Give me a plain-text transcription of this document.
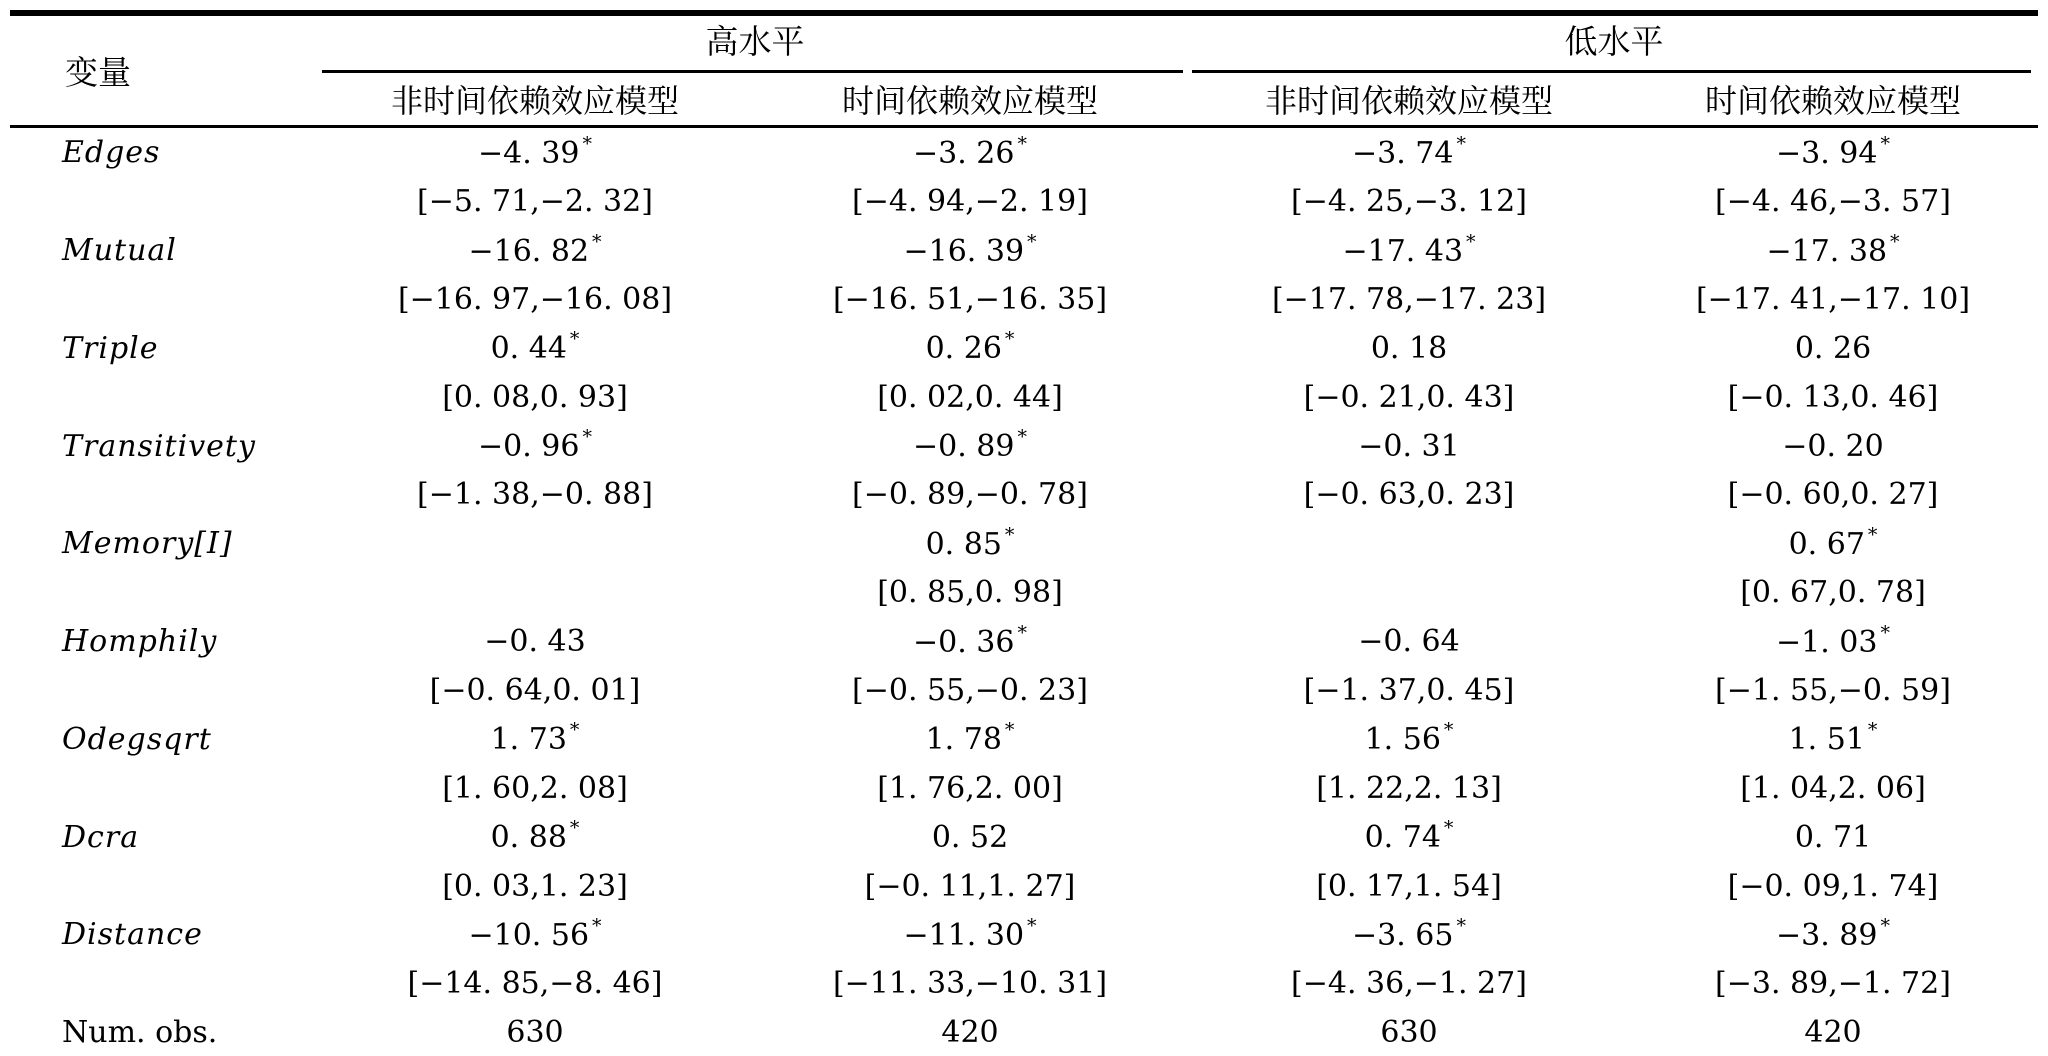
变量	高水平		低水平	

	非时间依赖效应模型	时间依赖效应模型	非时间依赖效应模型	时间依赖效应模型
Edges	−4. 39 *	−3. 26 *	−3. 74 *	−3. 94 *
	[−5. 71,−2. 32]	[−4. 94,−2. 19]	[−4. 25,−3. 12]	[−4. 46,−3. 57]
Mutual	−16. 82 *	−16. 39 *	−17. 43 *	−17. 38 *
	[−16. 97,−16. 08]	[−16. 51,−16. 35]	[−17. 78,−17. 23]	[−17. 41,−17. 10]
Triple	0. 44 *	0. 26 *	0. 18	0. 26
	[0. 08,0. 93]	[0. 02,0. 44]	[−0. 21,0. 43]	[−0. 13,0. 46]
Transitivety	−0. 96 *	−0. 89 *	−0. 31	−0. 20
	[−1. 38,−0. 88]	[−0. 89,−0. 78]	[−0. 63,0. 23]	[−0. 60,0. 27]
Memory[I]		0. 85 *		0. 67 *
		[0. 85,0. 98]		[0. 67,0. 78]
Homphily	−0. 43	−0. 36 *	−0. 64	−1. 03 *
	[−0. 64,0. 01]	[−0. 55,−0. 23]	[−1. 37,0. 45]	[−1. 55,−0. 59]
Odegsqrt	1. 73 *	1. 78 *	1. 56 *	1. 51 *
	[1. 60,2. 08]	[1. 76,2. 00]	[1. 22,2. 13]	[1. 04,2. 06]
Dcra	0. 88 *	0. 52	0. 74 *	0. 71
	[0. 03,1. 23]	[−0. 11,1. 27]	[0. 17,1. 54]	[−0. 09,1. 74]
Distance	−10. 56 *	−11. 30 *	−3. 65 *	−3. 89 *
	[−14. 85,−8. 46]	[−11. 33,−10. 31]	[−4. 36,−1. 27]	[−3. 89,−1. 72]
Num. obs.	630	420	630	420
